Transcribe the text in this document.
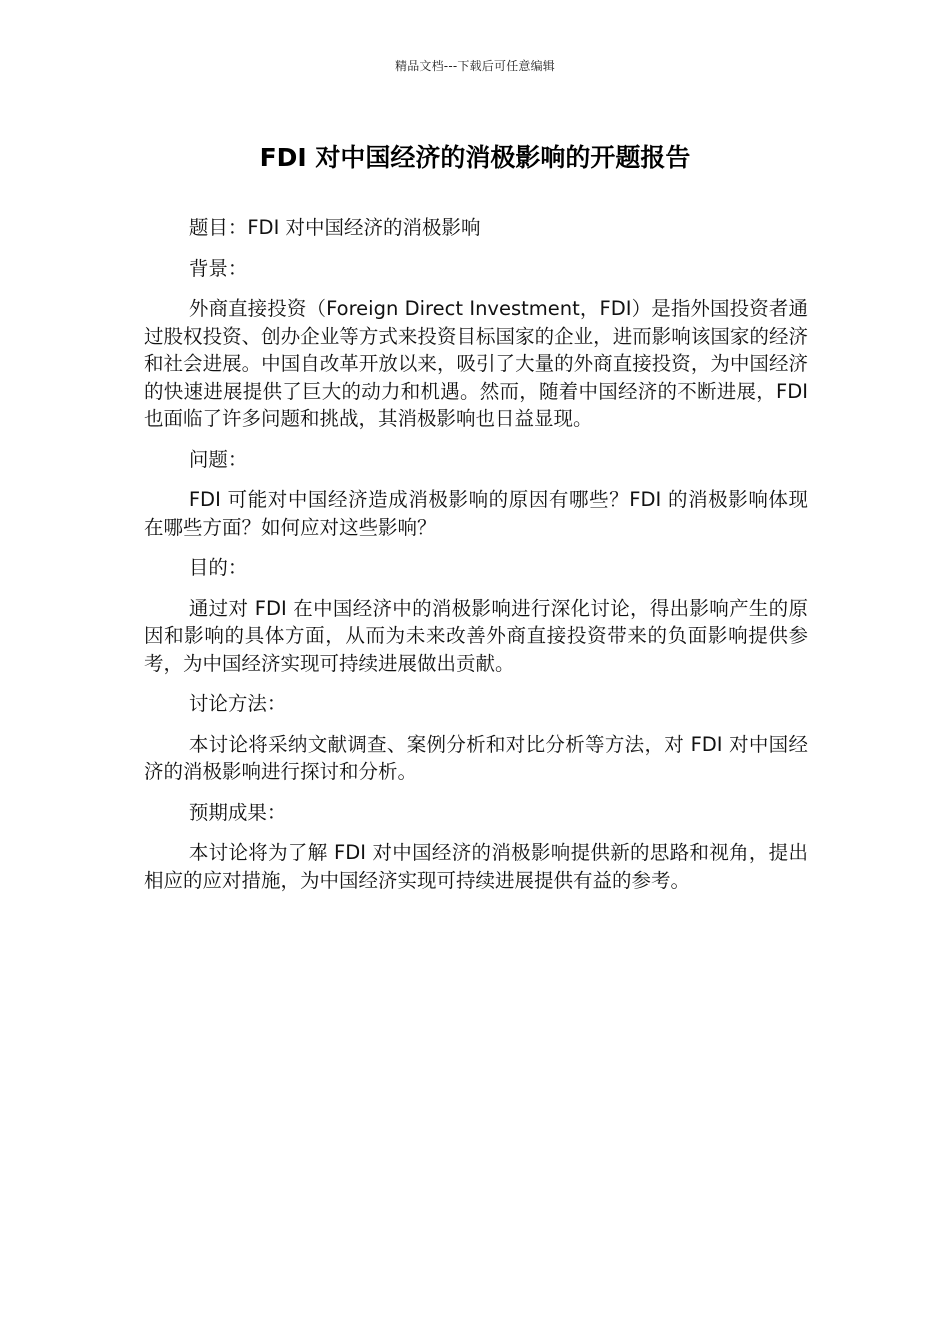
精品文档---下载后可任意编辑
FDI 对中国经济的消极影响的开题报告

题目：FDI 对中国经济的消极影响

背景：

外商直接投资（Foreign Direct Investment，FDI）是指外国投资者通过股权投资、创办企业等方式来投资目标国家的企业，进而影响该国家的经济和社会进展。中国自改革开放以来，吸引了大量的外商直接投资，为中国经济的快速进展提供了巨大的动力和机遇。然而，随着中国经济的不断进展，FDI 也面临了许多问题和挑战，其消极影响也日益显现。

问题：

FDI 可能对中国经济造成消极影响的原因有哪些？FDI 的消极影响体现在哪些方面？如何应对这些影响？

目的：

通过对 FDI 在中国经济中的消极影响进行深化讨论，得出影响产生的原因和影响的具体方面，从而为未来改善外商直接投资带来的负面影响提供参考，为中国经济实现可持续进展做出贡献。

讨论方法：

本讨论将采纳文献调查、案例分析和对比分析等方法，对 FDI 对中国经济的消极影响进行探讨和分析。

预期成果：

本讨论将为了解 FDI 对中国经济的消极影响提供新的思路和视角，提出相应的应对措施，为中国经济实现可持续进展提供有益的参考。
